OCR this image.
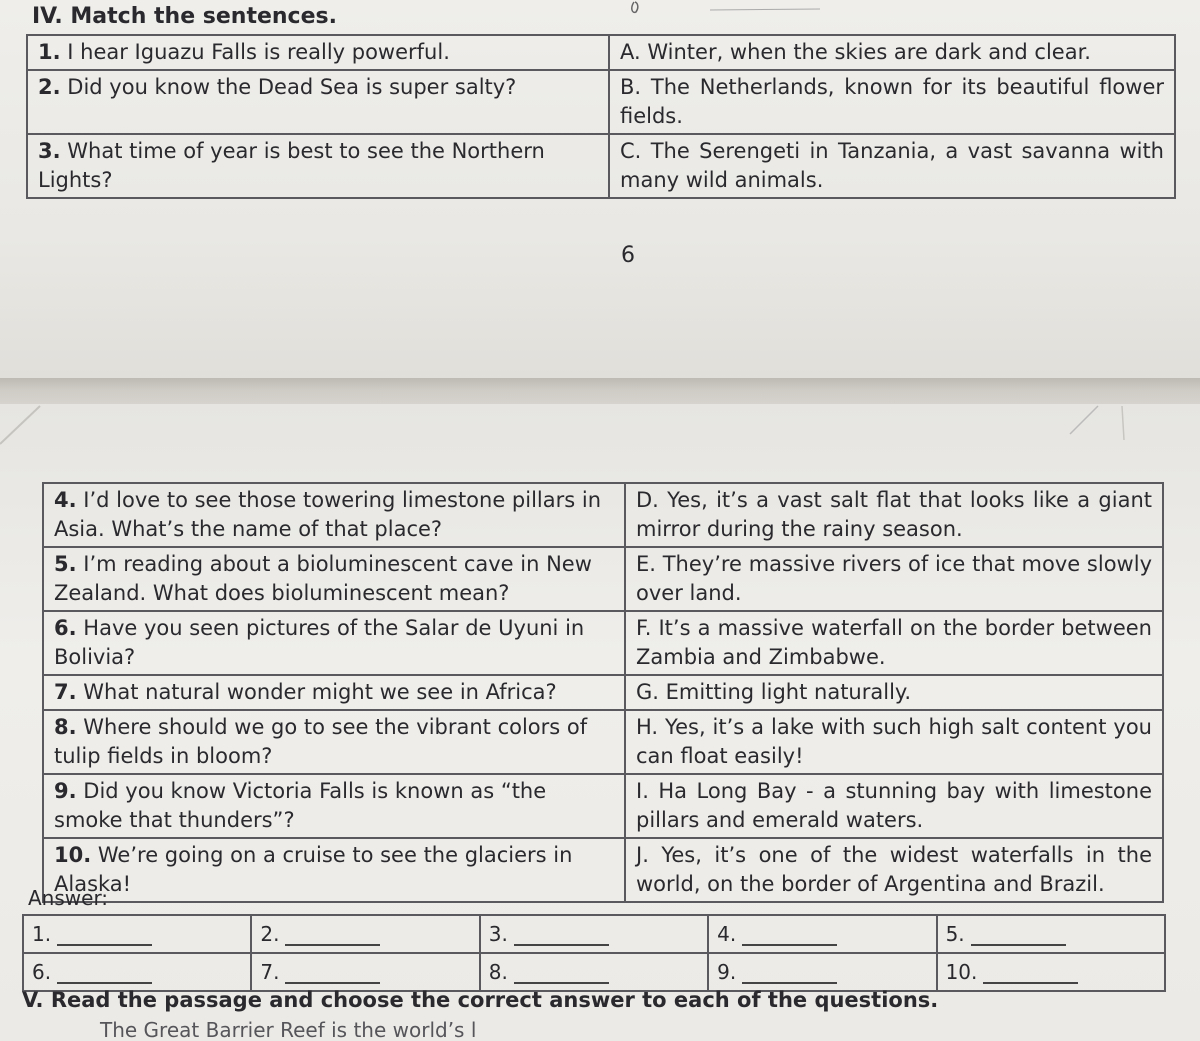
IV. Match the sentences.
1. I hear Iguazu Falls is really powerful.	A. Winter, when the skies are dark and clear.
2. Did you know the Dead Sea is super salty?	B. The Netherlands, known for its beautiful flower fields.
3. What time of year is best to see the Northern Lights?	C. The Serengeti in Tanzania, a vast savanna with many wild animals.
6
4. I’d love to see those towering limestone pillars in Asia. What’s the name of that place?	D. Yes, it’s a vast salt flat that looks like a giant mirror during the rainy season.
5. I’m reading about a bioluminescent cave in New Zealand. What does bioluminescent mean?	E. They’re massive rivers of ice that move slowly over land.
6. Have you seen pictures of the Salar de Uyuni in Bolivia?	F. It’s a massive waterfall on the border between Zambia and Zimbabwe.
7. What natural wonder might we see in Africa?	G. Emitting light naturally.
8. Where should we go to see the vibrant colors of tulip fields in bloom?	H. Yes, it’s a lake with such high salt content you can float easily!
9. Did you know Victoria Falls is known as “the smoke that thunders”?	I. Ha Long Bay - a stunning bay with limestone pillars and emerald waters.
10. We’re going on a cruise to see the glaciers in Alaska!	J. Yes, it’s one of the widest waterfalls in the world, on the border of Argentina and Brazil.
Answer:
1.	2.	3.	4.	5.
6.	7.	8.	9.	10.
V. Read the passage and choose the correct answer to each of the questions.
The Great Barrier Reef is the world’s l
